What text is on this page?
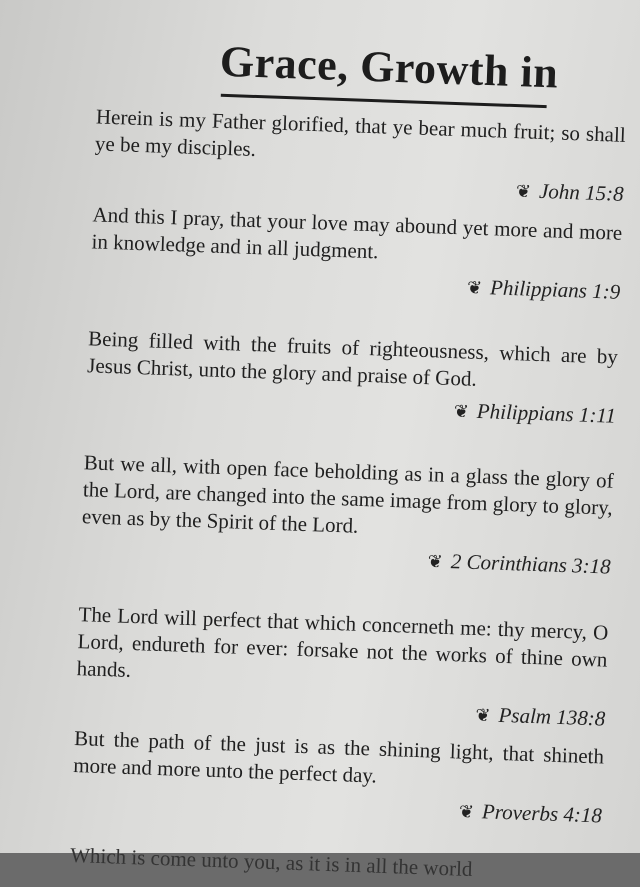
Grace, Growth in

Herein is my Father glorified, that ye bear much fruit; so shall ye be my disciples.

❦ John 15:8

And this I pray, that your love may abound yet more and more in knowledge and in all judgment.

❦ Philippians 1:9

Being filled with the fruits of righteousness, which are by Jesus Christ, unto the glory and praise of God.

❦ Philippians 1:11

But we all, with open face beholding as in a glass the glory of the Lord, are changed into the same image from glory to glory, even as by the Spirit of the Lord.

❦ 2 Corinthians 3:18

The Lord will perfect that which concerneth me: thy mercy, O Lord, endureth for ever: forsake not the works of thine own hands.

❦ Psalm 138:8

But the path of the just is as the shining light, that shineth more and more unto the perfect day.

❦ Proverbs 4:18

Which is come unto you, as it is in all the world
